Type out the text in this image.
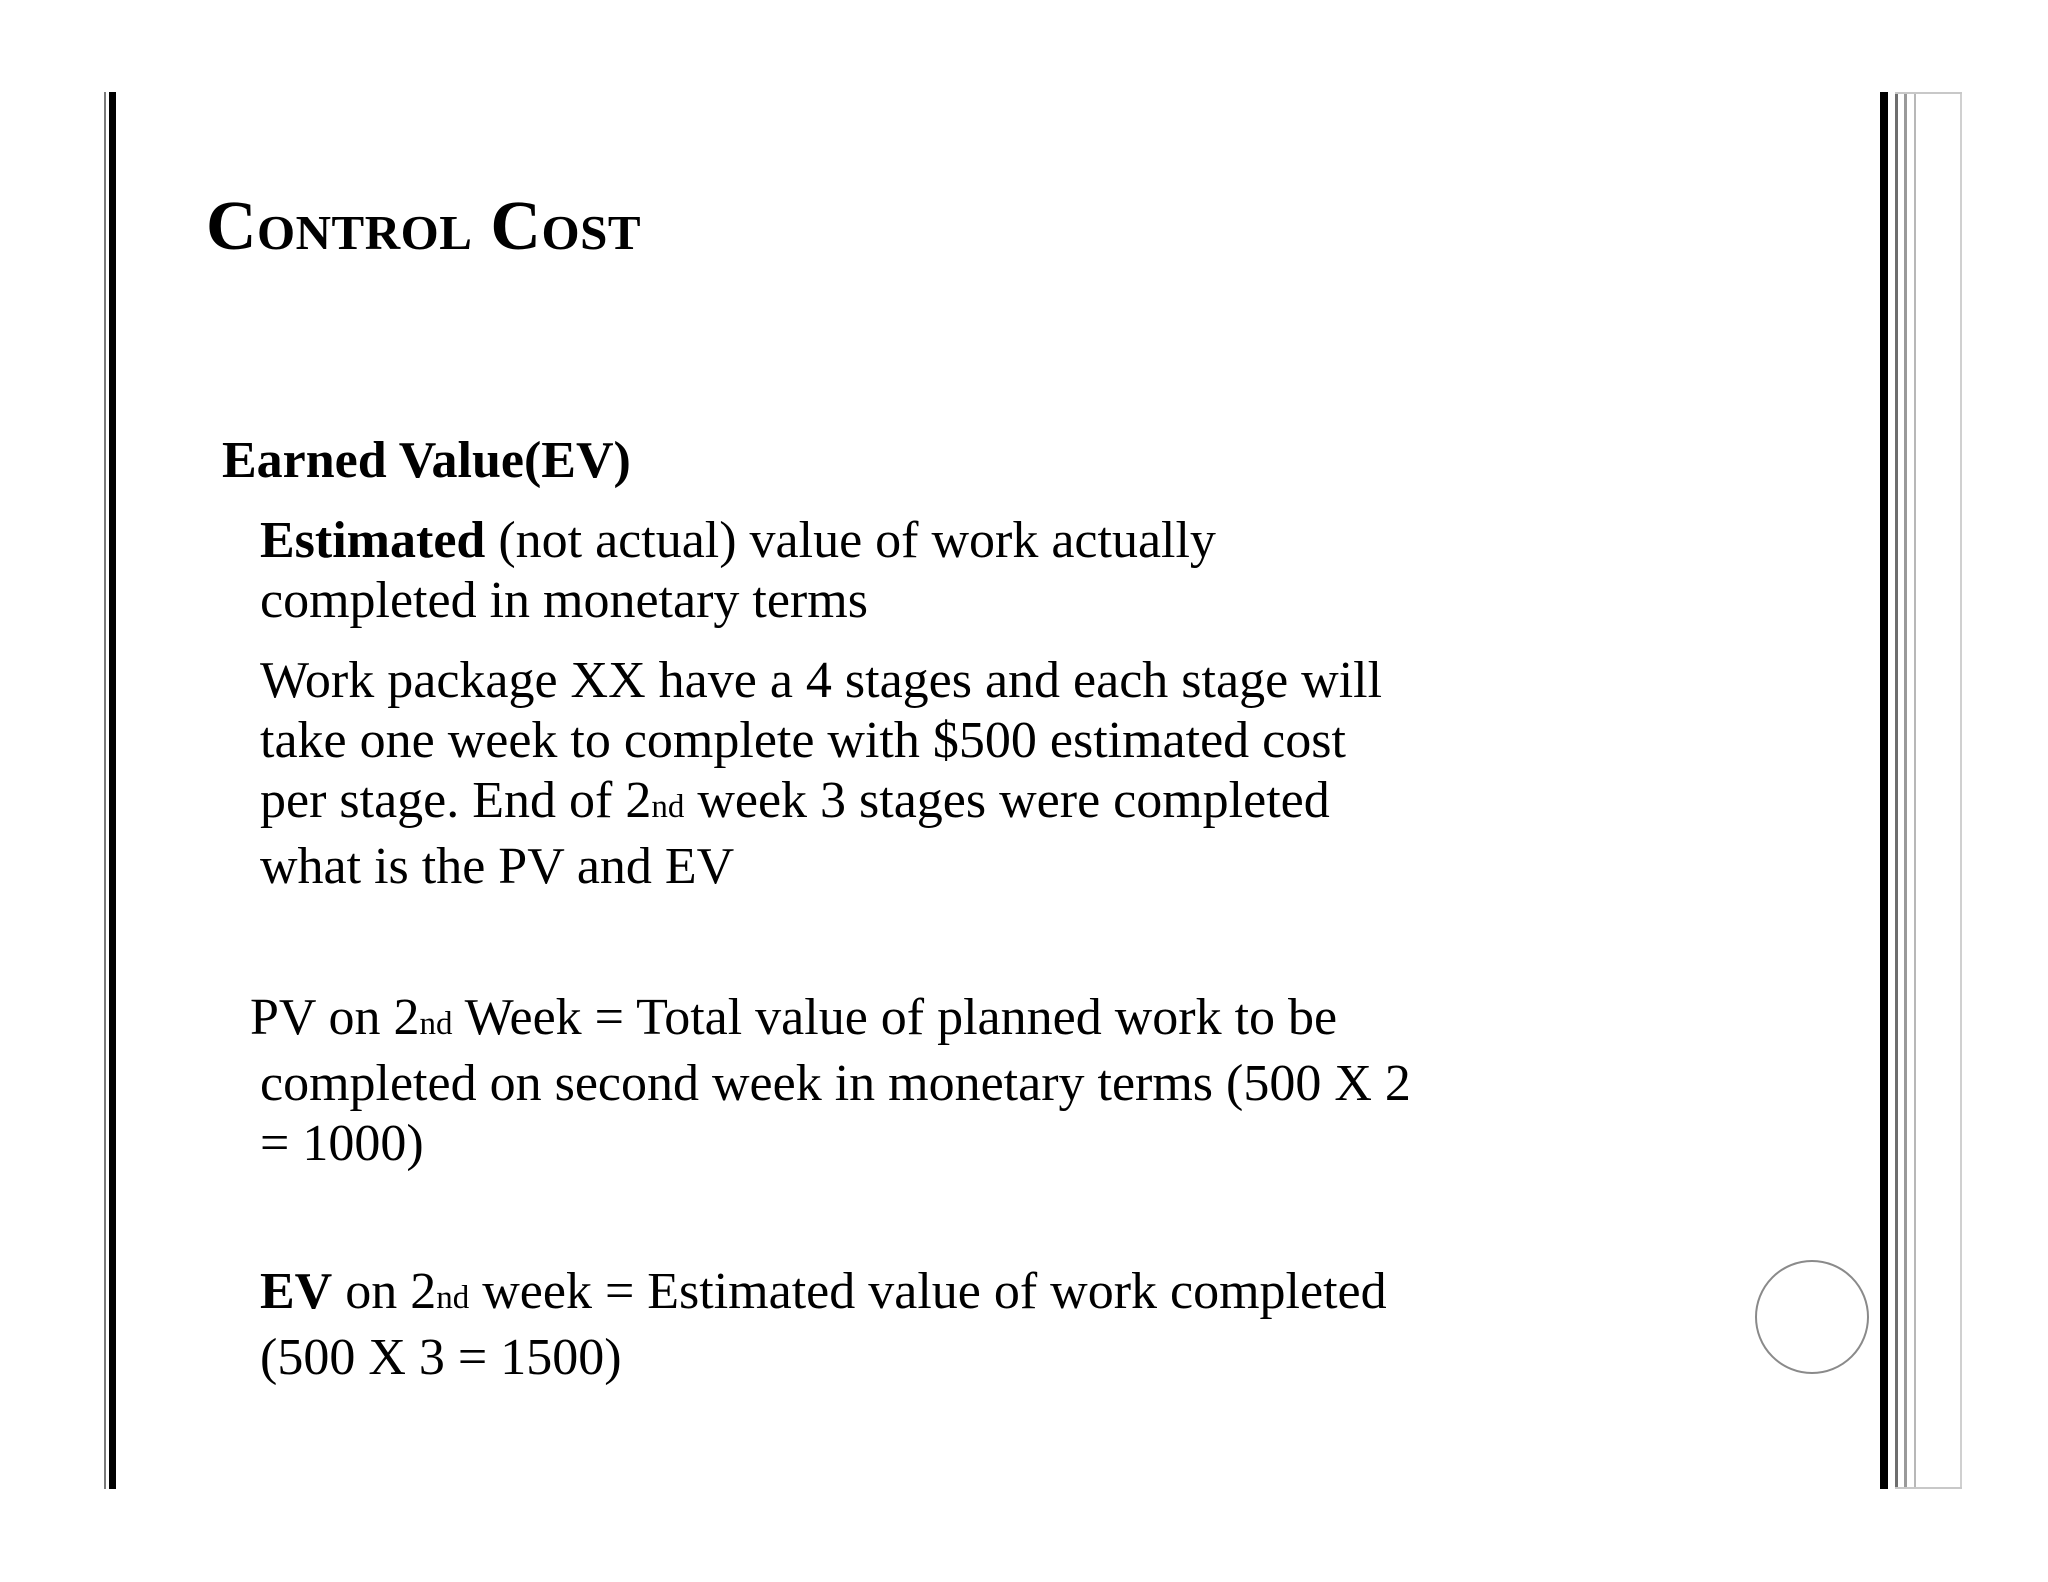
Control Cost
Earned Value(EV)
Estimated (not actual) value of work actually
completed in monetary terms
Work package XX have a 4 stages and each stage will
take one week to complete with $500 estimated cost
per stage. End of 2nd week 3 stages were completed
what is the PV and EV
PV on 2nd Week = Total value of planned work to be
completed on second week in monetary terms (500 X 2
= 1000)
EV on 2nd week = Estimated value of work completed
(500 X 3 = 1500)
